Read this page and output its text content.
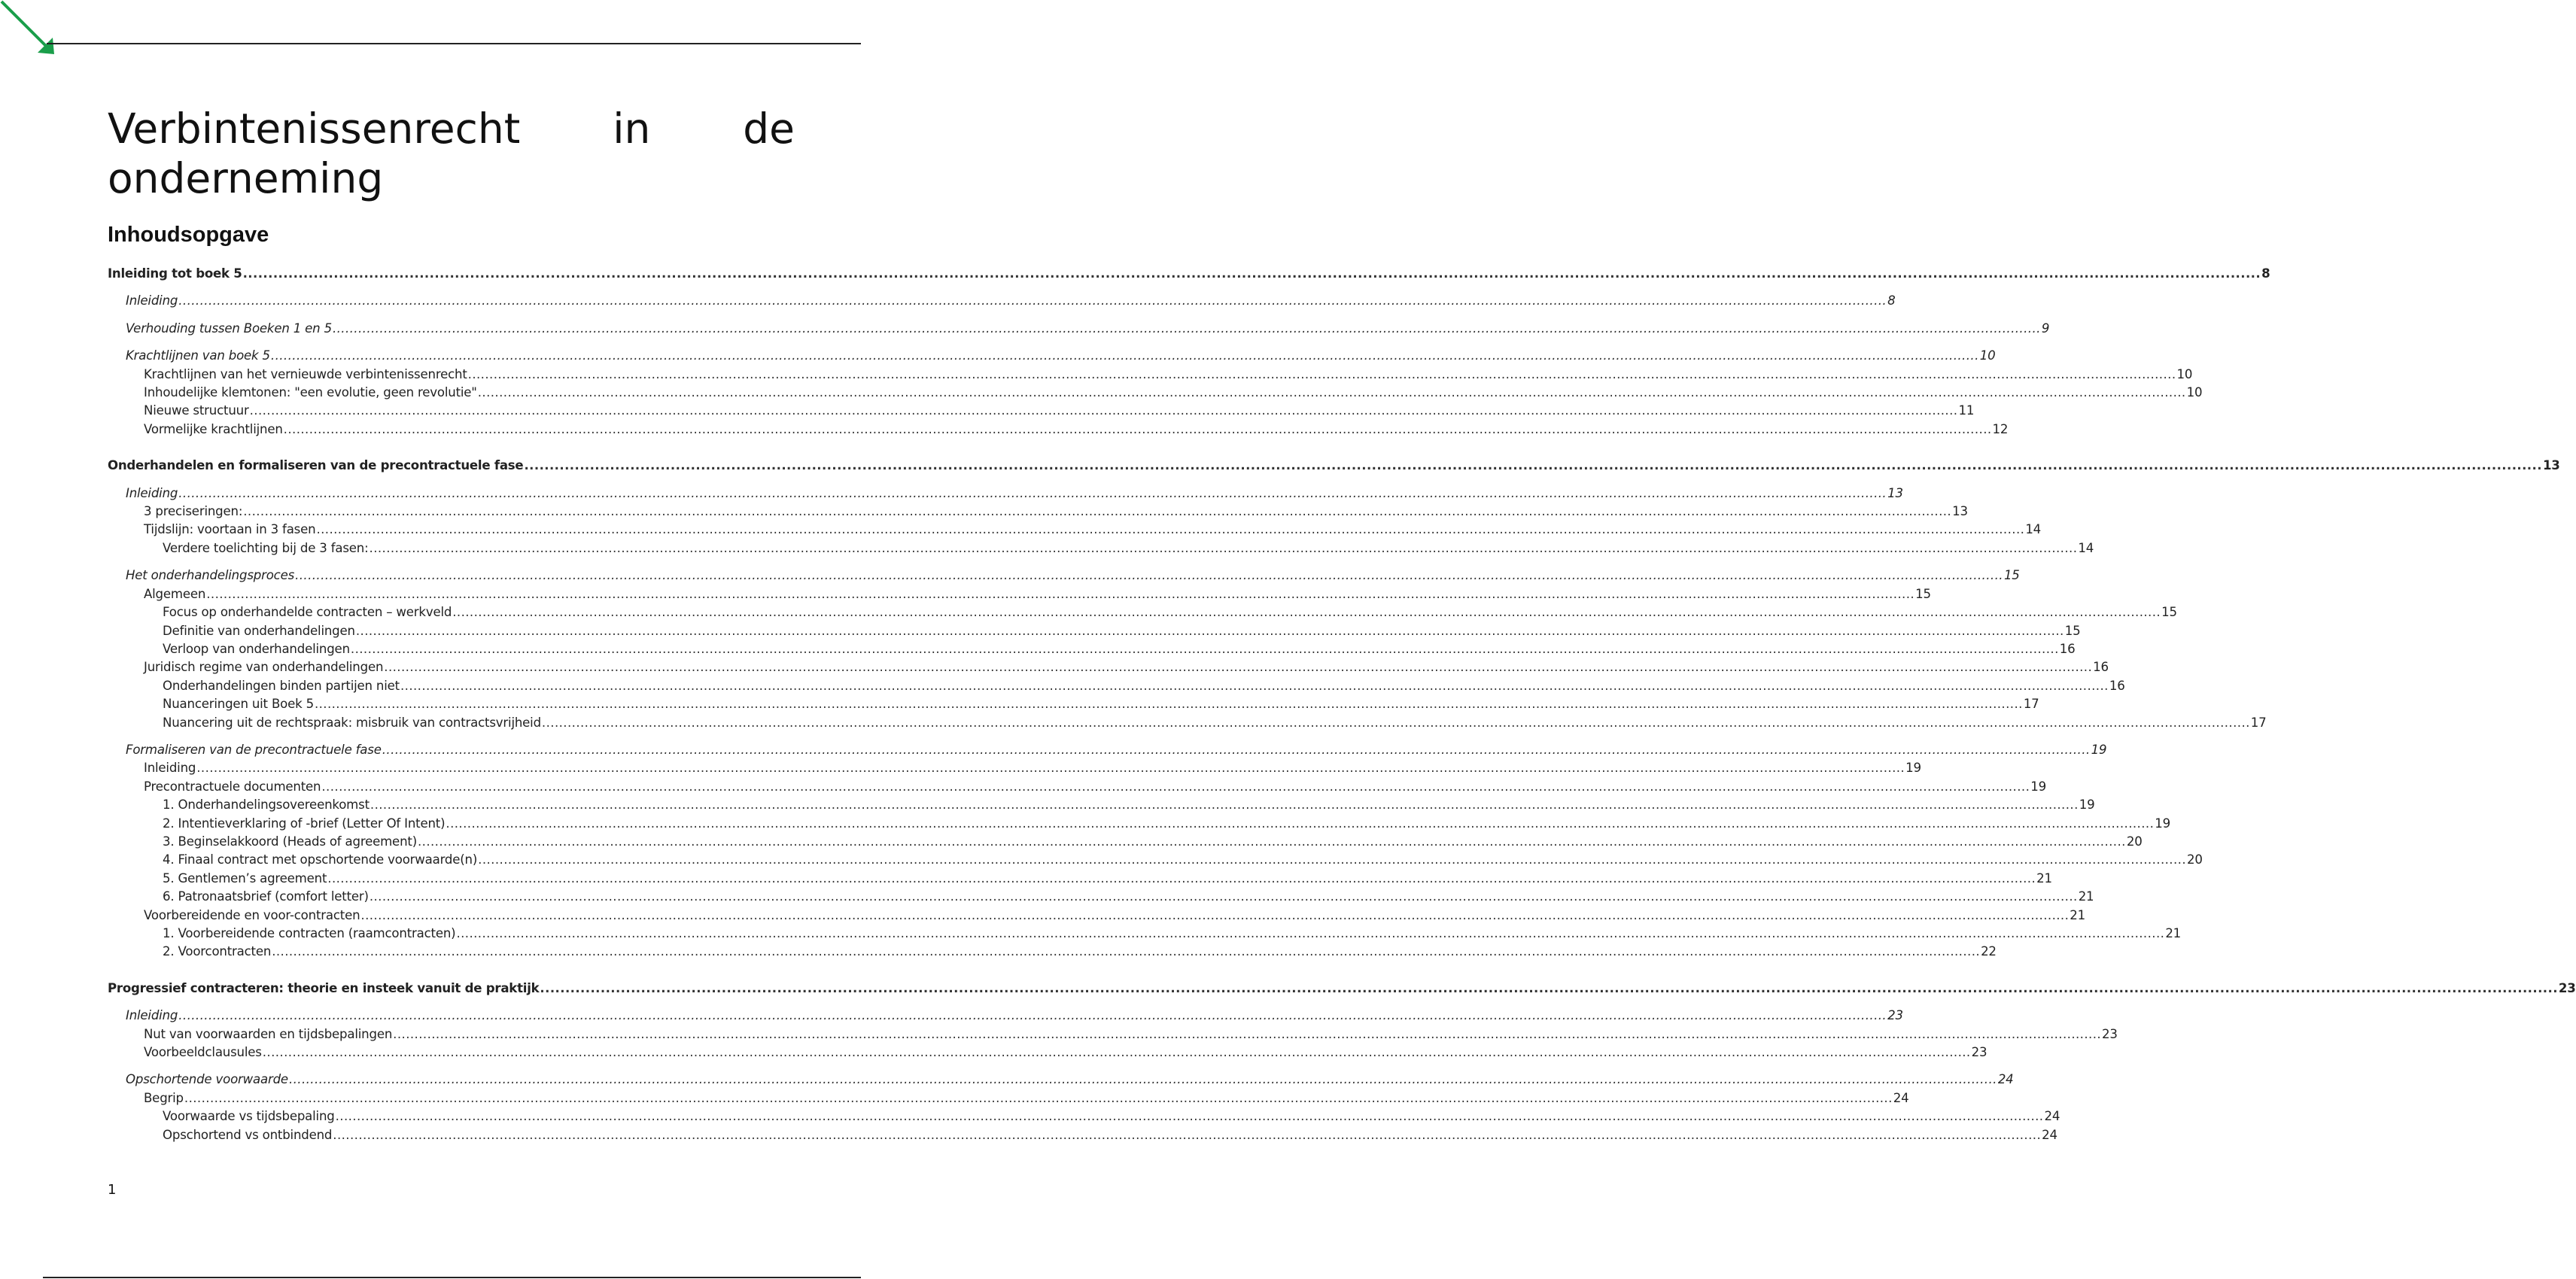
Verbintenissenrecht in de
onderneming
Inhoudsopgave
Inleiding tot boek 5 ................................................................................................................................................................................................................................................................................................................................................................................................................ 8
Inleiding ................................................................................................................................................................................................................................................................................................................................................................................................................ 8
Verhouding tussen Boeken 1 en 5 ................................................................................................................................................................................................................................................................................................................................................................................................................ 9
Krachtlijnen van boek 5 ................................................................................................................................................................................................................................................................................................................................................................................................................ 10
Krachtlijnen van het vernieuwde verbintenissenrecht ................................................................................................................................................................................................................................................................................................................................................................................................................ 10
Inhoudelijke klemtonen: "een evolutie, geen revolutie" ................................................................................................................................................................................................................................................................................................................................................................................................................ 10
Nieuwe structuur ................................................................................................................................................................................................................................................................................................................................................................................................................ 11
Vormelijke krachtlijnen ................................................................................................................................................................................................................................................................................................................................................................................................................ 12
Onderhandelen en formaliseren van de precontractuele fase ................................................................................................................................................................................................................................................................................................................................................................................................................ 13
Inleiding ................................................................................................................................................................................................................................................................................................................................................................................................................ 13
3 preciseringen: ................................................................................................................................................................................................................................................................................................................................................................................................................ 13
Tijdslijn: voortaan in 3 fasen ................................................................................................................................................................................................................................................................................................................................................................................................................ 14
Verdere toelichting bij de 3 fasen: ................................................................................................................................................................................................................................................................................................................................................................................................................ 14
Het onderhandelingsproces ................................................................................................................................................................................................................................................................................................................................................................................................................ 15
Algemeen ................................................................................................................................................................................................................................................................................................................................................................................................................ 15
Focus op onderhandelde contracten – werkveld ................................................................................................................................................................................................................................................................................................................................................................................................................ 15
Definitie van onderhandelingen ................................................................................................................................................................................................................................................................................................................................................................................................................ 15
Verloop van onderhandelingen ................................................................................................................................................................................................................................................................................................................................................................................................................ 16
Juridisch regime van onderhandelingen ................................................................................................................................................................................................................................................................................................................................................................................................................ 16
Onderhandelingen binden partijen niet ................................................................................................................................................................................................................................................................................................................................................................................................................ 16
Nuanceringen uit Boek 5 ................................................................................................................................................................................................................................................................................................................................................................................................................ 17
Nuancering uit de rechtspraak: misbruik van contractsvrijheid ................................................................................................................................................................................................................................................................................................................................................................................................................ 17
Formaliseren van de precontractuele fase ................................................................................................................................................................................................................................................................................................................................................................................................................ 19
Inleiding ................................................................................................................................................................................................................................................................................................................................................................................................................ 19
Precontractuele documenten ................................................................................................................................................................................................................................................................................................................................................................................................................ 19
1. Onderhandelingsovereenkomst ................................................................................................................................................................................................................................................................................................................................................................................................................ 19
2. Intentieverklaring of -brief (Letter Of Intent) ................................................................................................................................................................................................................................................................................................................................................................................................................ 19
3. Beginselakkoord (Heads of agreement) ................................................................................................................................................................................................................................................................................................................................................................................................................ 20
4. Finaal contract met opschortende voorwaarde(n) ................................................................................................................................................................................................................................................................................................................................................................................................................ 20
5. Gentlemen’s agreement ................................................................................................................................................................................................................................................................................................................................................................................................................ 21
6. Patronaatsbrief (comfort letter) ................................................................................................................................................................................................................................................................................................................................................................................................................ 21
Voorbereidende en voor-contracten ................................................................................................................................................................................................................................................................................................................................................................................................................ 21
1. Voorbereidende contracten (raamcontracten) ................................................................................................................................................................................................................................................................................................................................................................................................................ 21
2. Voorcontracten ................................................................................................................................................................................................................................................................................................................................................................................................................ 22
Progressief contracteren: theorie en insteek vanuit de praktijk ................................................................................................................................................................................................................................................................................................................................................................................................................ 23
Inleiding ................................................................................................................................................................................................................................................................................................................................................................................................................ 23
Nut van voorwaarden en tijdsbepalingen ................................................................................................................................................................................................................................................................................................................................................................................................................ 23
Voorbeeldclausules ................................................................................................................................................................................................................................................................................................................................................................................................................ 23
Opschortende voorwaarde ................................................................................................................................................................................................................................................................................................................................................................................................................ 24
Begrip ................................................................................................................................................................................................................................................................................................................................................................................................................ 24
Voorwaarde vs tijdsbepaling ................................................................................................................................................................................................................................................................................................................................................................................................................ 24
Opschortend vs ontbindend ................................................................................................................................................................................................................................................................................................................................................................................................................ 24
1
